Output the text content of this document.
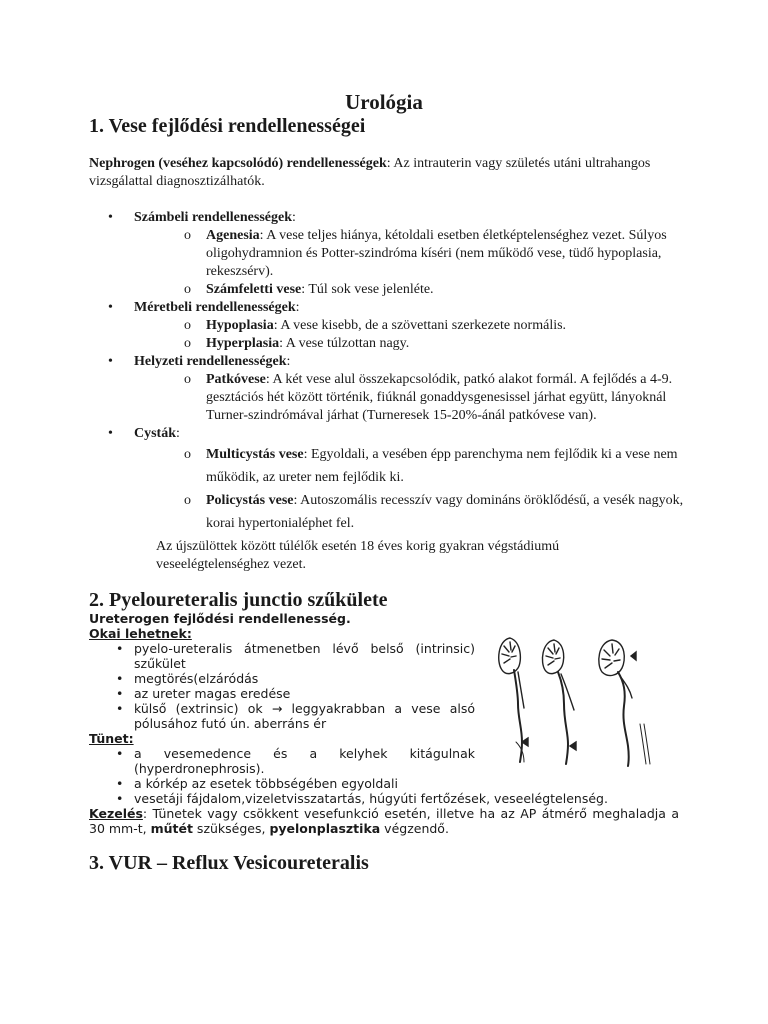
Urológia
1. Vese fejlődési rendellenességei

Nephrogen (veséhez kapcsolódó) rendellenességek: Az intrauterin vagy születés utáni ultrahangos vizsgálattal diagnosztizálhatók.

• Számbeli rendellenességek:
o Agenesia: A vese teljes hiánya, kétoldali esetben életképtelenséghez vezet. Súlyos oligohydramnion és Potter-szindróma kíséri (nem működő vese, tüdő hypoplasia, rekeszsérv).
o Számfeletti vese: Túl sok vese jelenléte.
• Méretbeli rendellenességek:
o Hypoplasia: A vese kisebb, de a szövettani szerkezete normális.
o Hyperplasia: A vese túlzottan nagy.
• Helyzeti rendellenességek:
o Patkóvese: A két vese alul összekapcsolódik, patkó alakot formál. A fejlődés a 4-9. gesztációs hét között történik, fiúknál gonaddysgenesissel járhat együtt, lányoknál Turner-szindrómával járhat (Turneresek 15-20%-ánál patkóvese van).
• Cysták:
o Multicystás vese: Egyoldali, a vesében épp parenchyma nem fejlődik ki a vese nem működik, az ureter nem fejlődik ki.
o Policystás vese: Autoszomális recesszív vagy domináns öröklődésű, a vesék nagyok, korai hypertonialéphet fel.

Az újszülöttek között túlélők esetén 18 éves korig gyakran végstádiumú veseelégtelenséghez vezet.

2. Pyeloureteralis junctio szűkülete

Ureterogen fejlődési rendellenesség.

Okai lehetnek:

• pyelo-ureteralis átmenetben lévő belső (intrinsic) szűkület
• megtörés(elzáródás
• az ureter magas eredése
• külső (extrinsic) ok → leggyakrabban a vese alsó pólusához futó ún. aberráns ér

Tünet:

• a vesemedence és a kelyhek kitágulnak (hyperdronephrosis).
• a kórkép az esetek többségében egyoldali
• vesetáji fájdalom,vizeletvisszatartás, húgyúti fertőzések, veseelégtelenség.

Kezelés: Tünetek vagy csökkent vesefunkció esetén, illetve ha az AP átmérő meghaladja a 30 mm-t, műtét szükséges, pyelonplasztika végzendő.

3. VUR – Reflux Vesicoureteralis
